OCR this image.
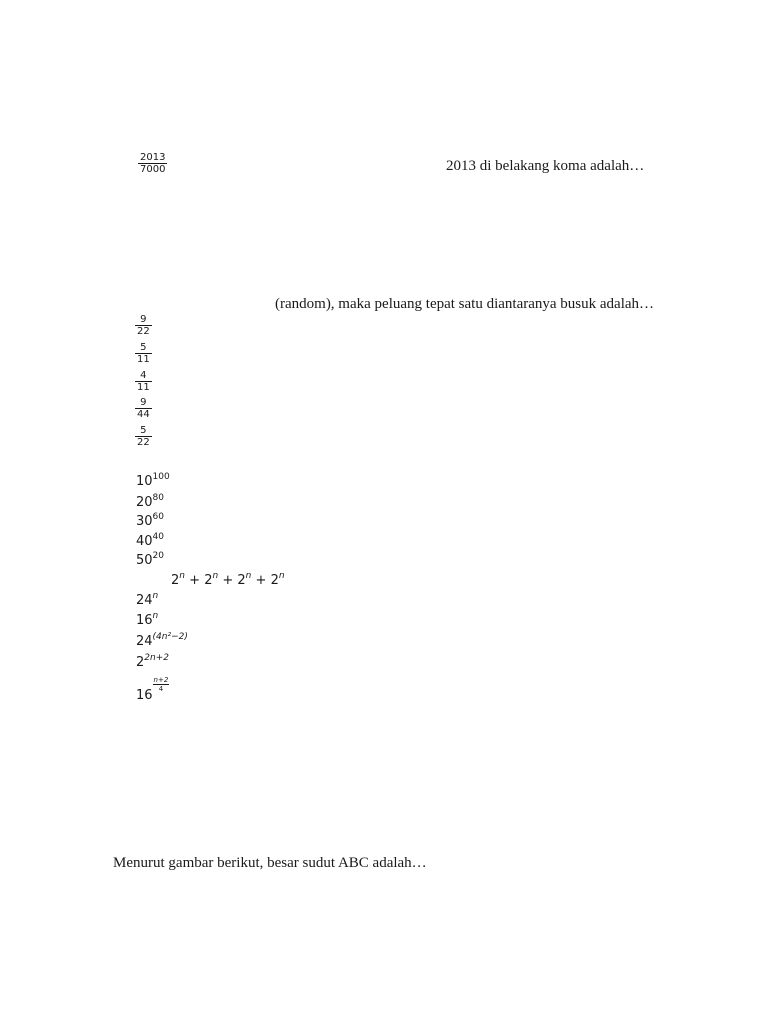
$\frac{2013}{7000}$	2013 di belakang koma adalah…
(random), maka peluang tepat satu diantaranya busuk adalah…
$\frac{9}{22}$
$\frac{5}{11}$
$\frac{4}{11}$
$\frac{9}{44}$
$\frac{5}{22}$
$10^{100}$
$20^{80}$
$30^{60}$
$40^{40}$
$50^{20}$
$2^n + 2^n + 2^n + 2^n$
24$^n$
16$^n$
$24^{(4n^2-2)}$
$2^{2n+2}$
16
$\frac{n+2}{4}$
Menurut gambar berikut, besar sudut ABC adalah…
